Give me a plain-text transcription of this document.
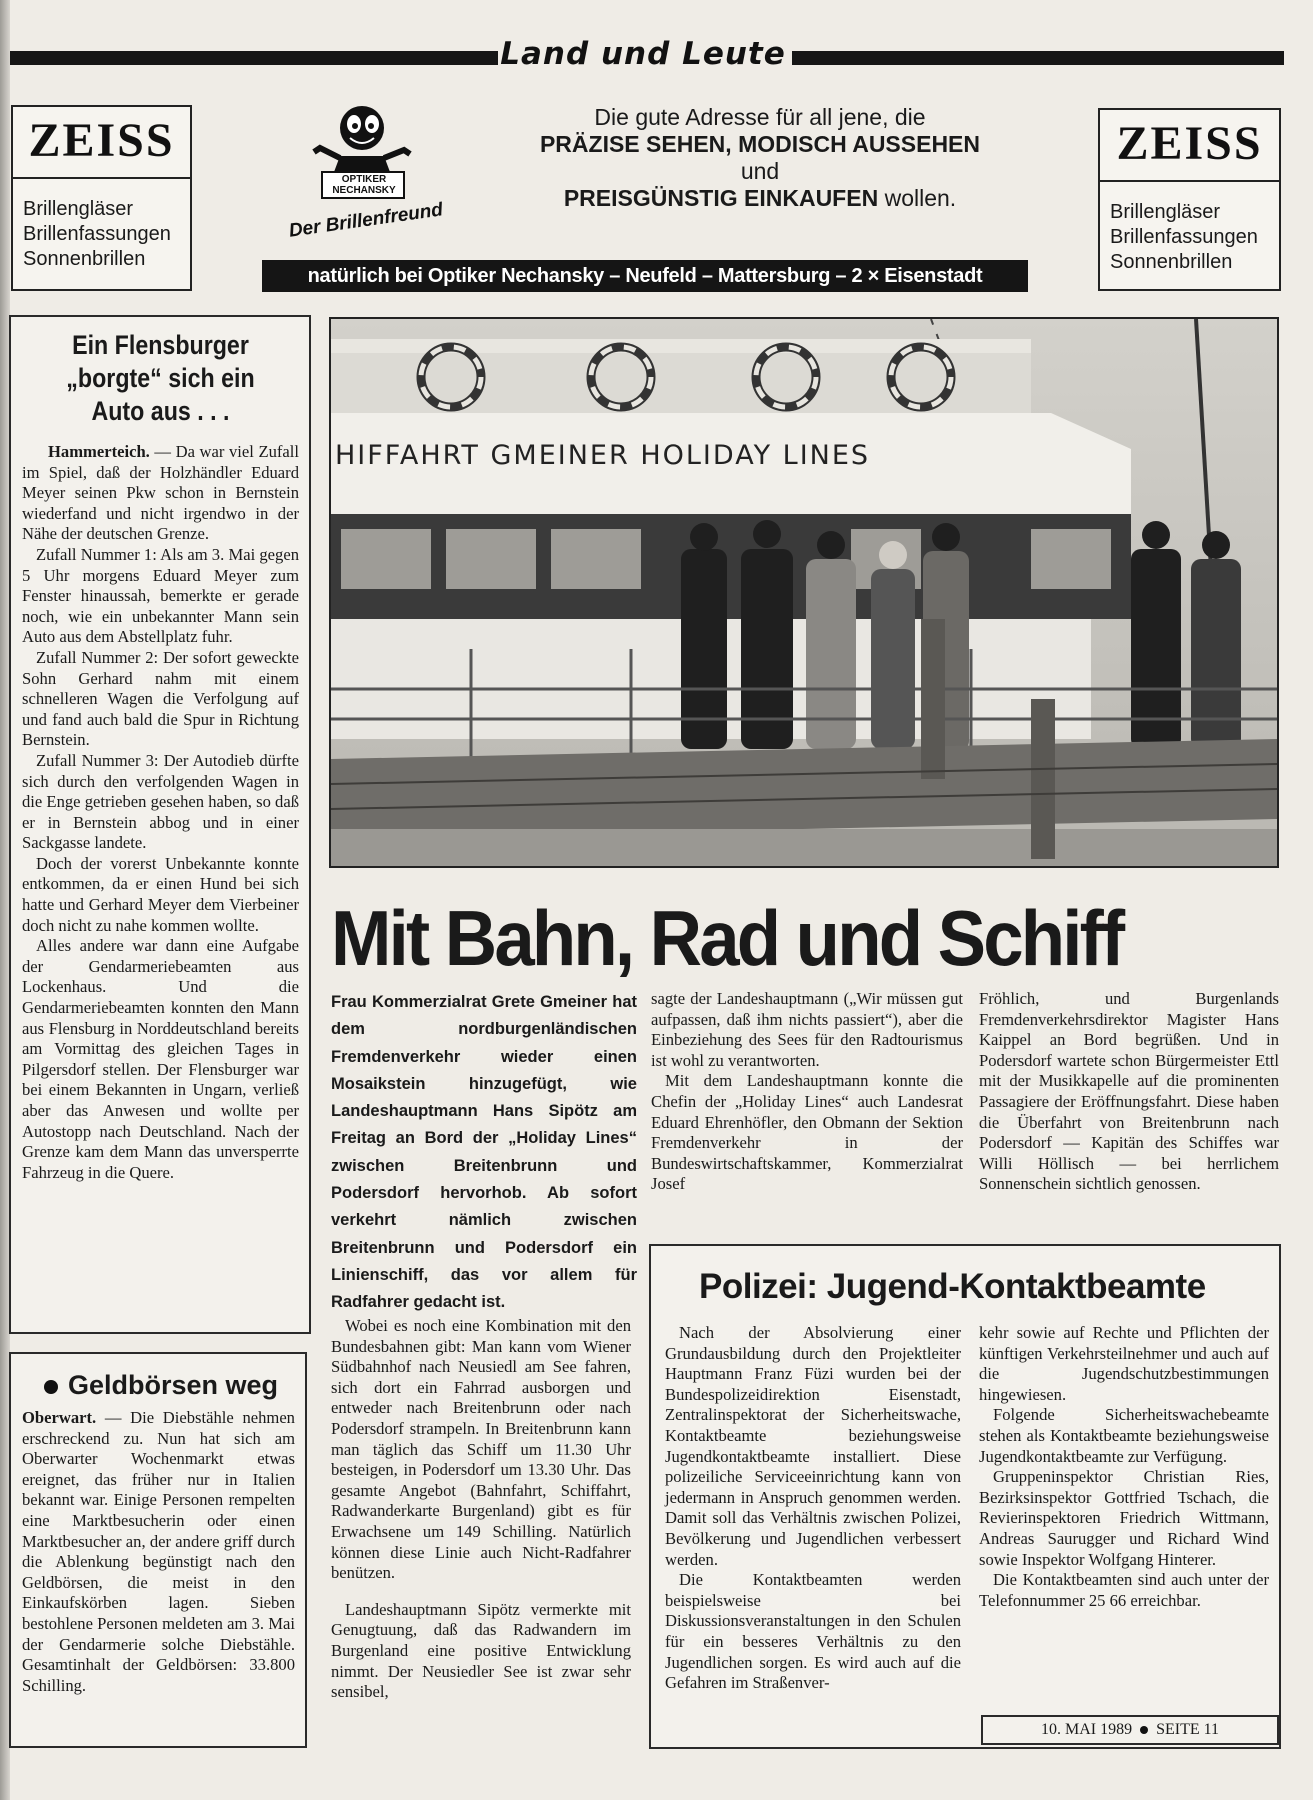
Land und Leute
ZEISS
Brillengläser
Brillenfassungen
Sonnenbrillen
ZEISS
Brillengläser
Brillenfassungen
Sonnenbrillen
OPTIKER
NECHANSKY
Der Brillenfreund
Die gute Adresse für all jene, die
PRÄZISE SEHEN, MODISCH AUSSEHEN
und
PREISGÜNSTIG EINKAUFEN wollen.
natürlich bei Optiker Nechansky – Neufeld – Mattersburg – 2 × Eisenstadt
Ein Flensburger
„borgte“ sich ein
Auto aus . . .

Hammerteich. — Da war viel Zufall im Spiel, daß der Holzhändler Eduard Meyer seinen Pkw schon in Bernstein wiederfand und nicht irgendwo in der Nähe der deutschen Grenze.

Zufall Nummer 1: Als am 3. Mai gegen 5 Uhr morgens Eduard Meyer zum Fenster hinaussah, bemerkte er gerade noch, wie ein unbekannter Mann sein Auto aus dem Abstellplatz fuhr.

Zufall Nummer 2: Der sofort geweckte Sohn Gerhard nahm mit einem schnelleren Wagen die Verfolgung auf und fand auch bald die Spur in Richtung Bernstein.

Zufall Nummer 3: Der Autodieb dürfte sich durch den verfolgenden Wagen in die Enge getrieben gesehen haben, so daß er in Bernstein abbog und in einer Sackgasse landete.

Doch der vorerst Unbekannte konnte entkommen, da er einen Hund bei sich hatte und Gerhard Meyer dem Vierbeiner doch nicht zu nahe kommen wollte.

Alles andere war dann eine Aufgabe der Gendarmeriebeamten aus Lockenhaus. Und die Gendarmeriebeamten konnten den Mann aus Flensburg in Norddeutschland bereits am Vormittag des gleichen Tages in Pilgersdorf stellen. Der Flensburger war bei einem Bekannten in Ungarn, verließ aber das Anwesen und wollte per Autostopp nach Deutschland. Nach der Grenze kam dem Mann das unversperrte Fahrzeug in die Quere.

Geldbörsen weg

Oberwart. — Die Diebstähle nehmen erschreckend zu. Nun hat sich am Oberwarter Wochenmarkt etwas ereignet, das früher nur in Italien bekannt war. Einige Personen rempelten eine Marktbesucherin oder einen Marktbesucher an, der andere griff durch die Ablenkung begünstigt nach den Geldbörsen, die meist in den Einkaufskörben lagen. Sieben bestohlene Personen meldeten am 3. Mai der Gendarmerie solche Diebstähle. Gesamtinhalt der Geldbörsen: 33.800 Schilling.

HIFFAHRT GMEINER HOLIDAY LINES
Mit Bahn, Rad und Schiff
Frau Kommerzialrat Grete Gmeiner hat dem nordburgenländischen Fremdenverkehr wieder einen Mosaikstein hinzugefügt, wie Landeshauptmann Hans Sipötz am Freitag an Bord der „Holiday Lines“ zwischen Breitenbrunn und Podersdorf hervorhob. Ab sofort verkehrt nämlich zwischen Breitenbrunn und Podersdorf ein Linienschiff, das vor allem für Radfahrer gedacht ist.

Wobei es noch eine Kombination mit den Bundesbahnen gibt: Man kann vom Wiener Südbahnhof nach Neusiedl am See fahren, sich dort ein Fahrrad ausborgen und entweder nach Breitenbrunn oder nach Podersdorf strampeln. In Breitenbrunn kann man täglich das Schiff um 11.30 Uhr besteigen, in Podersdorf um 13.30 Uhr. Das gesamte Angebot (Bahnfahrt, Schiffahrt, Radwanderkarte Burgenland) gibt es für Erwachsene um 149 Schilling. Natürlich können diese Linie auch Nicht-Radfahrer benützen.

Landeshauptmann Sipötz vermerkte mit Genugtuung, daß das Radwandern im Burgenland eine positive Entwicklung nimmt. Der Neusiedler See ist zwar sehr sensibel,

sagte der Landeshauptmann („Wir müssen gut aufpassen, daß ihm nichts passiert“), aber die Einbeziehung des Sees für den Radtourismus ist wohl zu verantworten.

Mit dem Landeshauptmann konnte die Chefin der „Holiday Lines“ auch Landesrat Eduard Ehrenhöfler, den Obmann der Sektion Fremdenverkehr in der Bundeswirtschaftskammer, Kommerzialrat Josef

Fröhlich, und Burgenlands Fremdenverkehrsdirektor Magister Hans Kaippel an Bord begrüßen. Und in Podersdorf wartete schon Bürgermeister Ettl mit der Musikkapelle auf die prominenten Passagiere der Eröffnungsfahrt. Diese haben die Überfahrt von Breitenbrunn nach Podersdorf — Kapitän des Schiffes war Willi Höllisch — bei herrlichem Sonnenschein sichtlich genossen.

Polizei: Jugend-Kontaktbeamte

Nach der Absolvierung einer Grundausbildung durch den Projektleiter Hauptmann Franz Füzi wurden bei der Bundespolizeidirektion Eisenstadt, Zentralinspektorat der Sicherheitswache, Kontaktbeamte beziehungsweise Jugendkontaktbeamte installiert. Diese polizeiliche Serviceeinrichtung kann von jedermann in Anspruch genommen werden. Damit soll das Verhältnis zwischen Polizei, Bevölkerung und Jugendlichen verbessert werden.

Die Kontaktbeamten werden beispielsweise bei Diskussionsveranstaltungen in den Schulen für ein besseres Verhältnis zu den Jugendlichen sorgen. Es wird auch auf die Gefahren im Straßenver-

kehr sowie auf Rechte und Pflichten der künftigen Verkehrsteilnehmer und auch auf die Jugendschutzbestimmungen hingewiesen.

Folgende Sicherheitswachebeamte stehen als Kontaktbeamte beziehungsweise Jugendkontaktbeamte zur Verfügung.

Gruppeninspektor Christian Ries, Bezirksinspektor Gottfried Tschach, die Revierinspektoren Friedrich Wittmann, Andreas Saurugger und Richard Wind sowie Inspektor Wolfgang Hinterer.

Die Kontaktbeamten sind auch unter der Telefonnummer 25 66 erreichbar.

10. MAI 1989 SEITE 11
